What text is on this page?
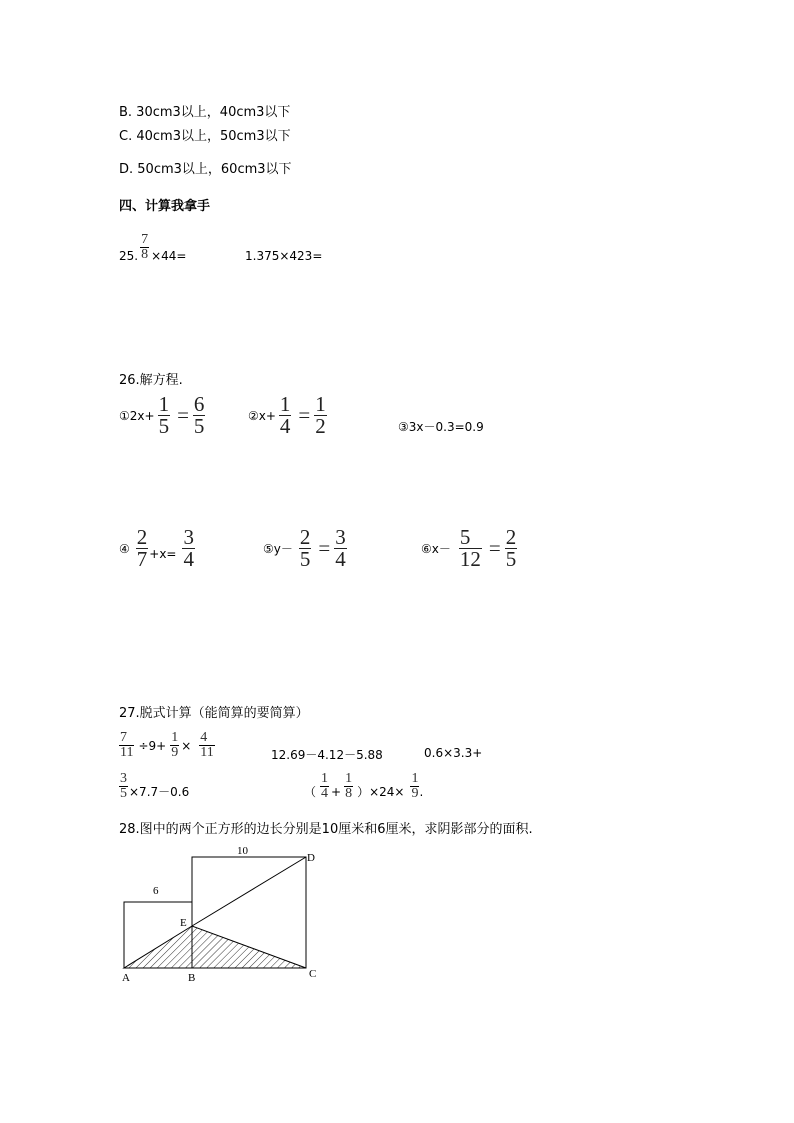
B. 30cm3以上，40cm3以下
C. 40cm3以上，50cm3以下
D. 50cm3以上，60cm3以下
四、计算我拿手
25. $\frac{7}{8} \times 44=$	1.375×423=
26.解方程.
①2x+ $\frac{1}{5} = \frac{6}{5}$	②x+ $\frac{1}{4} = \frac{1}{2}$	③3x－0.3=0.9
④ $\frac{2}{7} +x= \frac{3}{4}$	⑤y－ $\frac{2}{5} = \frac{3}{4}$	⑥x－ $\frac{5}{12} = \frac{2}{5}$
27.脱式计算（能简算的要简算）
$\frac{7}{11} \div 9+ \frac{1}{9} \times \frac{4}{11}$	12.69－4.12－5.88	0.6×3.3+
$\frac{3}{5} \times 7.7-0.6$	（ $\frac{1}{4} + \frac{1}{8} )\times 24\times \frac{1}{9}$ .
28.图中的两个正方形的边长分别是10厘米和6厘米，求阴影部分的面积.
10
6
A	B	C
D
E
